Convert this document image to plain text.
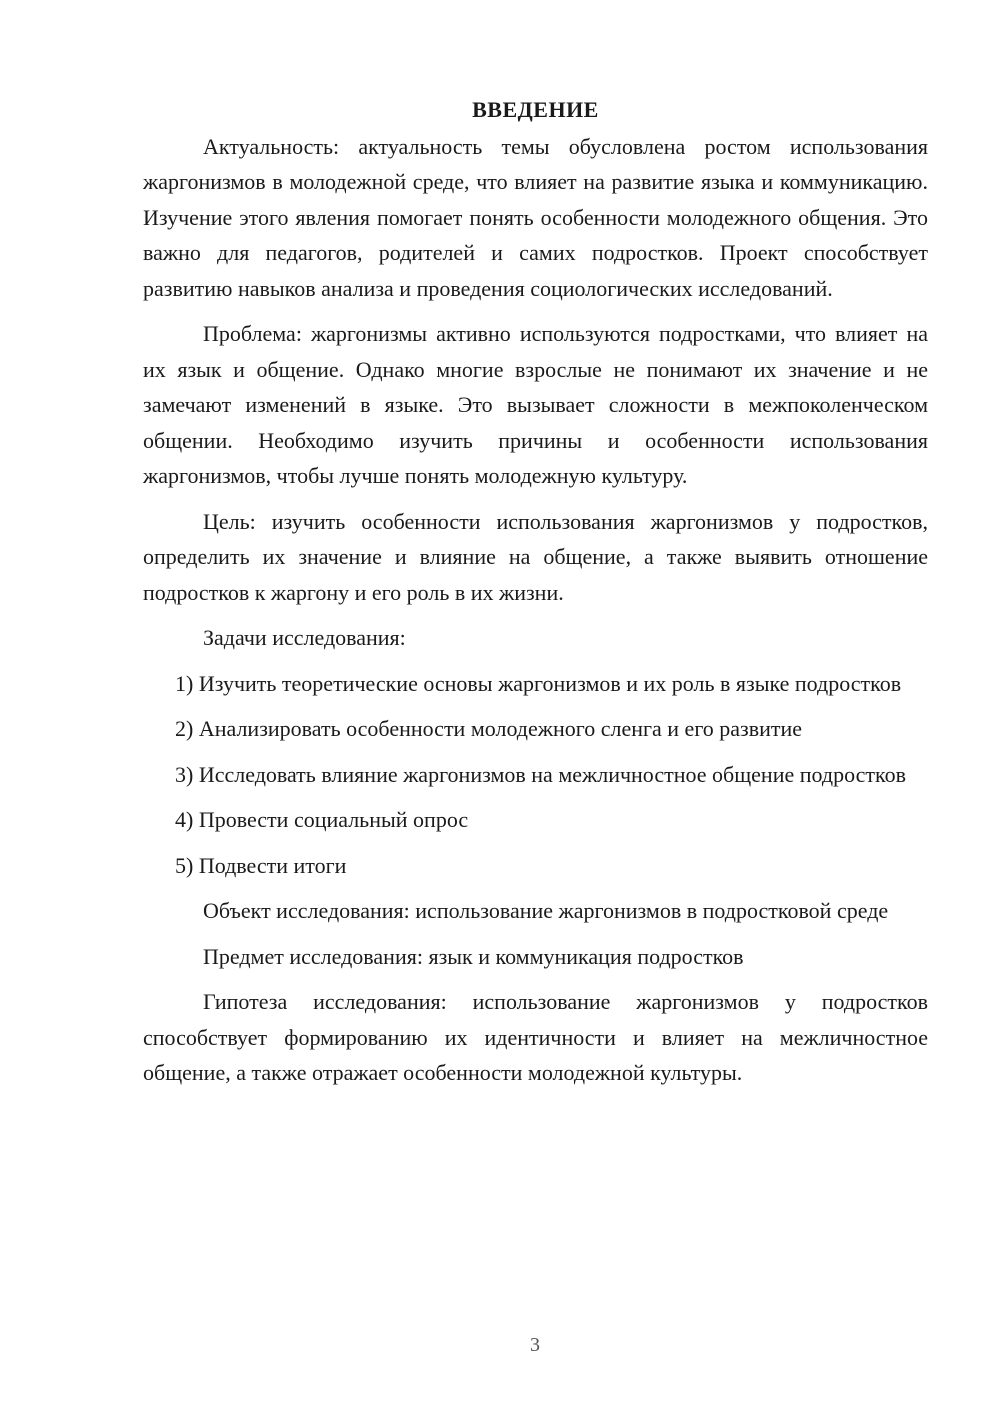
ВВЕДЕНИЕ

Актуальность: актуальность темы обусловлена ростом использования жаргонизмов в молодежной среде, что влияет на развитие языка и коммуникацию. Изучение этого явления помогает понять особенности молодежного общения. Это важно для педагогов, родителей и самих подростков. Проект способствует развитию навыков анализа и проведения социологических исследований.

Проблема: жаргонизмы активно используются подростками, что влияет на их язык и общение. Однако многие взрослые не понимают их значение и не замечают изменений в языке. Это вызывает сложности в межпоколенческом общении. Необходимо изучить причины и особенности использования жаргонизмов, чтобы лучше понять молодежную культуру.

Цель: изучить особенности использования жаргонизмов у подростков, определить их значение и влияние на общение, а также выявить отношение подростков к жаргону и его роль в их жизни.

Задачи исследования:

1) Изучить теоретические основы жаргонизмов и их роль в языке подростков

2) Анализировать особенности молодежного сленга и его развитие

3) Исследовать влияние жаргонизмов на межличностное общение подростков

4) Провести социальный опрос

5) Подвести итоги

Объект исследования: использование жаргонизмов в подростковой среде

Предмет исследования: язык и коммуникация подростков

Гипотеза исследования: использование жаргонизмов у подростков способствует формированию их идентичности и влияет на межличностное общение, а также отражает особенности молодежной культуры.

3
